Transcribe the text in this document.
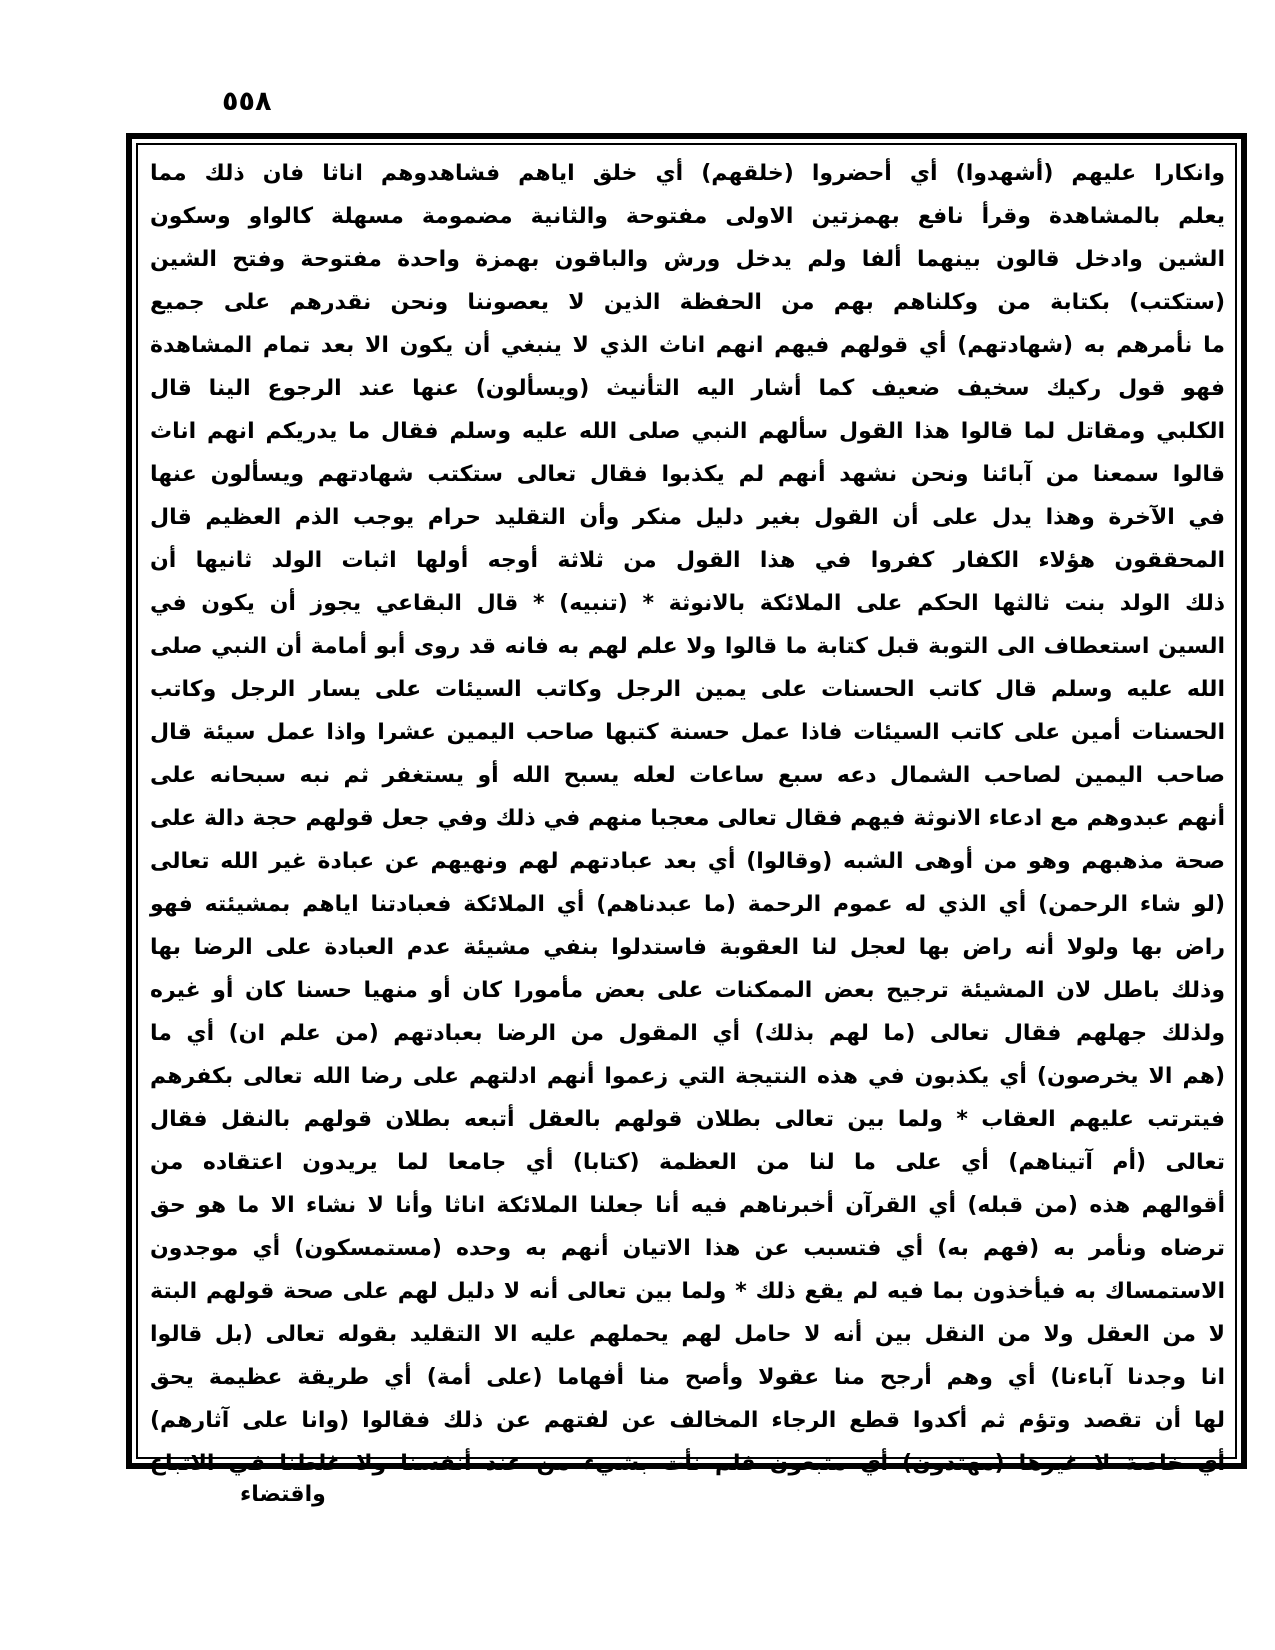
٥٥٨
وانكارا عليهم (أشهدوا) أي أحضروا (خلقهم) أي خلق اياهم فشاهدوهم اناثا فان ذلك مما
يعلم بالمشاهدة وقرأ نافع بهمزتين الاولى مفتوحة والثانية مضمومة مسهلة كالواو وسكون
الشين وادخل قالون بينهما ألفا ولم يدخل ورش والباقون بهمزة واحدة مفتوحة وفتح الشين
(ستكتب) بكتابة من وكلناهم بهم من الحفظة الذين لا يعصوننا ونحن نقدرهم على جميع
ما نأمرهم به (شهادتهم) أي قولهم فيهم انهم اناث الذي لا ينبغي أن يكون الا بعد تمام المشاهدة
فهو قول ركيك سخيف ضعيف كما أشار اليه التأنيث (ويسألون) عنها عند الرجوع الينا قال
الكلبي ومقاتل لما قالوا هذا القول سألهم النبي صلى الله عليه وسلم فقال ما يدريكم انهم اناث
قالوا سمعنا من آبائنا ونحن نشهد أنهم لم يكذبوا فقال تعالى ستكتب شهادتهم ويسألون عنها
في الآخرة وهذا يدل على أن القول بغير دليل منكر وأن التقليد حرام يوجب الذم العظيم قال
المحققون هؤلاء الكفار كفروا في هذا القول من ثلاثة أوجه أولها اثبات الولد ثانيها أن
ذلك الولد بنت ثالثها الحكم على الملائكة بالانوثة * (تنبيه) * قال البقاعي يجوز أن يكون في
السين استعطاف الى التوبة قبل كتابة ما قالوا ولا علم لهم به فانه قد روى أبو أمامة أن النبي صلى
الله عليه وسلم قال كاتب الحسنات على يمين الرجل وكاتب السيئات على يسار الرجل وكاتب
الحسنات أمين على كاتب السيئات فاذا عمل حسنة كتبها صاحب اليمين عشرا واذا عمل سيئة قال
صاحب اليمين لصاحب الشمال دعه سبع ساعات لعله يسبح الله أو يستغفر ثم نبه سبحانه على
أنهم عبدوهم مع ادعاء الانوثة فيهم فقال تعالى معجبا منهم في ذلك وفي جعل قولهم حجة دالة على
صحة مذهبهم وهو من أوهى الشبه (وقالوا) أي بعد عبادتهم لهم ونهيهم عن عبادة غير الله تعالى
(لو شاء الرحمن) أي الذي له عموم الرحمة (ما عبدناهم) أي الملائكة فعبادتنا اياهم بمشيئته فهو
راض بها ولولا أنه راض بها لعجل لنا العقوبة فاستدلوا بنفي مشيئة عدم العبادة على الرضا بها
وذلك باطل لان المشيئة ترجيح بعض الممكنات على بعض مأمورا كان أو منهيا حسنا كان أو غيره
ولذلك جهلهم فقال تعالى (ما لهم بذلك) أي المقول من الرضا بعبادتهم (من علم ان) أي ما
(هم الا يخرصون) أي يكذبون في هذه النتيجة التي زعموا أنهم ادلتهم على رضا الله تعالى بكفرهم
فيترتب عليهم العقاب * ولما بين تعالى بطلان قولهم بالعقل أتبعه بطلان قولهم بالنقل فقال
تعالى (أم آتيناهم) أي على ما لنا من العظمة (كتابا) أي جامعا لما يريدون اعتقاده من
أقوالهم هذه (من قبله) أي القرآن أخبرناهم فيه أنا جعلنا الملائكة اناثا وأنا لا نشاء الا ما هو حق
ترضاه ونأمر به (فهم به) أي فتسبب عن هذا الاتيان أنهم به وحده (مستمسكون) أي موجدون
الاستمساك به فيأخذون بما فيه لم يقع ذلك * ولما بين تعالى أنه لا دليل لهم على صحة قولهم البتة
لا من العقل ولا من النقل بين أنه لا حامل لهم يحملهم عليه الا التقليد بقوله تعالى (بل قالوا
انا وجدنا آباءنا) أي وهم أرجح منا عقولا وأصح منا أفهاما (على أمة) أي طريقة عظيمة يحق
لها أن تقصد وتؤم ثم أكدوا قطع الرجاء المخالف عن لفتهم عن ذلك فقالوا (وانا على آثارهم)
أي خاصة لا غيرها (مهتدون) أي متبعون فلم نأت بشيء من عند أنفسنا ولا غلطنا في الاتباع
واقتضاء
